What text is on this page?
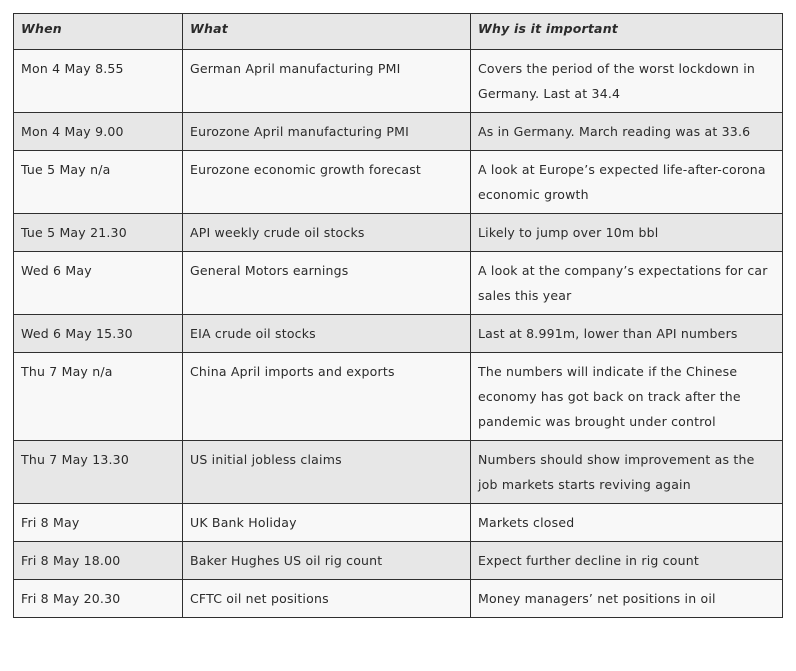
When	What	Why is it important
Mon 4 May 8.55	German April manufacturing PMI	Covers the period of the worst lockdown in Germany. Last at 34.4
Mon 4 May 9.00	Eurozone April manufacturing PMI	As in Germany. March reading was at 33.6
Tue 5 May n/a	Eurozone economic growth forecast	A look at Europe’s expected life-after-corona economic growth
Tue 5 May 21.30	API weekly crude oil stocks	Likely to jump over 10m bbl
Wed 6 May	General Motors earnings	A look at the company’s expectations for car sales this year
Wed 6 May 15.30	EIA crude oil stocks	Last at 8.991m, lower than API numbers
Thu 7 May n/a	China April imports and exports	The numbers will indicate if the Chinese economy has got back on track after the pandemic was brought under control
Thu 7 May 13.30	US initial jobless claims	Numbers should show improvement as the job markets starts reviving again
Fri 8 May	UK Bank Holiday	Markets closed
Fri 8 May 18.00	Baker Hughes US oil rig count	Expect further decline in rig count
Fri 8 May 20.30	CFTC oil net positions	Money managers’ net positions in oil
